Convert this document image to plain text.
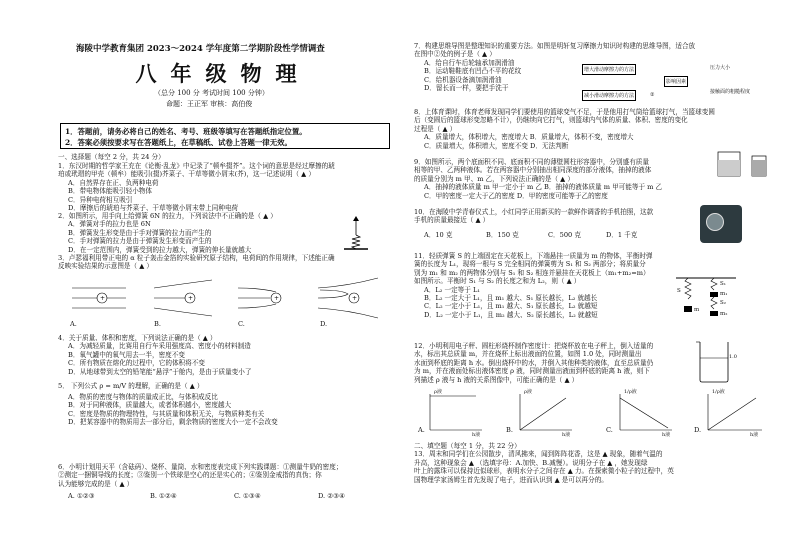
海陵中学教育集团 2023～2024 学年度第二学期阶段性学情调查
八年级物理
（总分 100 分 考试时间 100 分钟）
命题：王正军 审核：高伯俊
1．答题前，请务必将自己的姓名、考号、班级等填写在答题纸指定位置。
2．答案必须按要求写在答题纸上，在草稿纸、试卷上答题一律无效。
一、选择题（每空 2 分，共 24 分）
1．东汉时期的哲学家王充在《论衡·乱龙》中记录了“顿牟掇芥”。这个词的意思是经过摩擦的琥
珀或玳瑁的甲壳（顿牟）能吸引(掇)芥菜子、干草等微小屑末(芥)，这一记述说明（ ▲ ）
A．自然界存在正、负两种电荷
B．带电物体能吸引轻小物体
C．异种电荷相互吸引
D．摩擦后的琥珀与芥菜子、干草等微小屑末带上同种电荷
2．如图所示，用手向上给弹簧 6N 的拉力，下列说法中不正确的是（ ▲ ）
A．弹簧对手的拉力也是 6N
B．弹簧发生形变是由于手对弹簧的拉力而产生的
C．手对弹簧的拉力是由于弹簧发生形变而产生的
D．在一定范围内，弹簧受到的拉力越大，弹簧的伸长量就越大
3．卢瑟福利用带正电的 α 粒子轰击金箔的实验研究原子结构，电荷间的作用规律，下述能正确
反映实验结果的示意图是（ ▲ ）
+	+	+	+
A.	B.	C.	D.
4．关于质量、体积和密度，下列说法正确的是（ ▲ ）
A．为减轻质量，比赛用自行车采用强度高、密度小的材料制造
B．氧气罐中的氧气用去一半，密度不变
C．所有物质在熔化的过程中，它的体积将不变
D．从地球带到太空的铅笔能“悬浮”于舱内，是由于质量变小了
5． 下列公式 ρ = m/V 的理解，正确的是（ ▲ ）
A．物质的密度与物体的质量成正比，与体积成反比
B．对于同种液体，质量越大，或者体积越小，密度越大
C．密度是物质的物理特性，与其质量和体积无关，与物质种类有关
D．把某容器中的物质用去一部分后，剩余物质的密度大小一定不会改变
6．小明计划用天平（含砝码）、烧杯、量筒、水和密度表完成下列实践课题：①测量牛奶的密度；
②测定一捆铜导线的长度；③鉴别一个铁球是空心的还是实心的；④鉴别金戒指的真伪；你
认为能够完成的是（ ▲ ）
A. ①②③	B. ①②④	C. ①③④	D. ②③④
7．构建思维导图是整理知识的重要方法。如图是明轩复习摩擦力知识时构建的思维导图，适合放
在图中②处的例子是（ ▲ ）
A．给自行车后轮轴承加润滑油
B．运动鞋鞋底有凹凸不平的花纹
C．给机器设备滴加润滑油
D．留长而一样，要把手洗干
增大滑动摩擦力的方法
影响因素
压力大小
接触面的粗糙程度
减小滑动摩擦力的方法	②
8．上体育课时，体育老师发现同学们要使用的篮球变气不足，于是他用打气筒给篮球打气，当篮球变圆
后（变圆后的篮球形变忽略不计），仍继续向它打气，则篮球内气体的质量、体积、密度的变化
过程是（ ▲ ）
A．质量增大，体积增大，密度增大 B．质量增大，体积不变，密度增大
C．质量增大，体积增大，密度不变 D．无法判断
9．如图所示，两个底面积不同、底面积不同的薄壁圆柱形容器中，分别盛有质量
相等的甲、乙两种液体。若在两容器中分别抽出相同深度的部分液体，抽掉的液体
的质量分别为 m 甲、m 乙，下列说法正确的是（ ▲ ）
A．抽掉的液体质量 m 甲一定小于 m 乙 B．抽掉的液体质量 m 甲可能等于 m 乙
C．甲的密度一定大于乙的密度 D．甲的密度可能等于乙的密度
10．在海陵中学青春仪式上，小红同学正用新买的一款鲜作调香的手机拍照，这款
手机的质量最接近（ ▲ ）
A．10 克	B．150 克	C．500 克	D．1 千克
11．轻质弹簧 S 的上端固定在天花板上，下端悬挂一质量为 m 的物体，平衡时弹
簧的长度为 L₁，现将一根与 S 完全相同的弹簧剪为 S₁ 和 S₂ 两部分；将质量分
别为 m₁ 和 m₂ 的两物体分别与 S₁ 和 S₂ 相连并悬挂在天花板上（m₁+m₂=m）
如图所示。平衡时 S₁ 与 S₂ 的长度之和为 L₂，则（ ▲ ）
A．L₂ 一定等于 L₁
B．L₂ 一定大于 L₁，且 m₁ 越大、S₁ 原长越长，L₂ 就越长
C．L₂ 一定小于 L₁，且 m₁ 越大、S₁ 原长越长，L₂ 就越短
D．L₂ 一定小于 L₁，且 m₂ 越大、S₂ 原长越长，L₂ 就越短
S
m
S₁
m₁
S₂
m₂
12．小明利用电子秤、圆柱形烧杯制作密度计：把烧杯放在电子秤上，倒入适量的
水，标出其总质量 m，并在烧杯上标出液面的位置，如图 1.0 处，同时测量出
水面到杯底的距离 h 水。倒出烧杯中的水，并倒入其他种类的液体，直至总质量仍
为 m，并在液面处标出液体密度 ρ 液，同时测量出液面到杯底的距离 h 液，则下
列描述 ρ 液与 h 液的关系图像中，可能正确的是（ ▲ ）
1.0
A.
ρ液
h液
B.
ρ液
h液
C.
1/ρ液
h液
D.
1/ρ液
h液
二、填空题（每空 1 分，共 22 分）
13．周末和同学们在公园散步，清风拂来，闻到阵阵花香，这是 ▲ 现象，随着气温的
升高，这种现象会 ▲ （选填字母：A.加快、B.减慢）。说明分子在 ▲ ，她发现绿
叶上的露珠可以保持近似球形，表明水分子之间存在 ▲ 力。在探索微小粒子的过程中，英
国物理学家汤姆生首先发现了电子，进而认识到 ▲ 是可以再分的。
